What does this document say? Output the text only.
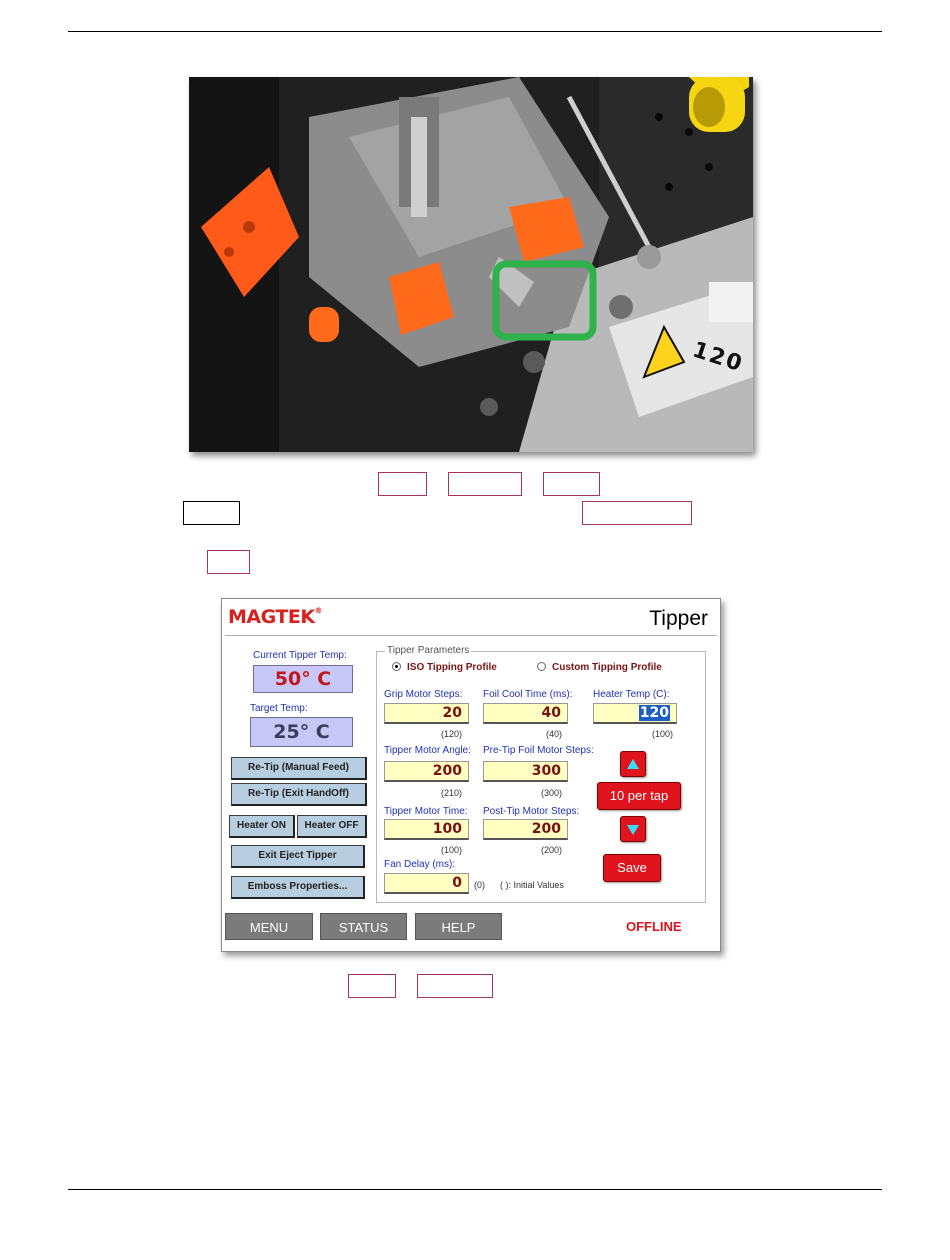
120
MAGTEK®	Tipper
Current Tipper Temp:
50° C
Target Temp:
25° C
Re-Tip (Manual Feed)
Re-Tip (Exit HandOff)
Heater ON	Heater OFF
Exit Eject Tipper
Emboss Properties...
Tipper Parameters
ISO Tipping Profile	Custom Tipping Profile
Grip Motor Steps:
20
(120)
Foil Cool Time (ms):
40
(40)
Heater Temp (C):
120
(100)
Tipper Motor Angle:
200
(210)
Pre-Tip Foil Motor Steps:
300
(300)
Tipper Motor Time:
100
(100)
Post-Tip Motor Steps:
200
(200)
Fan Delay (ms):
0	(0) ( ): Initial Values
10 per tap
Save
MENU	STATUS	HELP	OFFLINE
